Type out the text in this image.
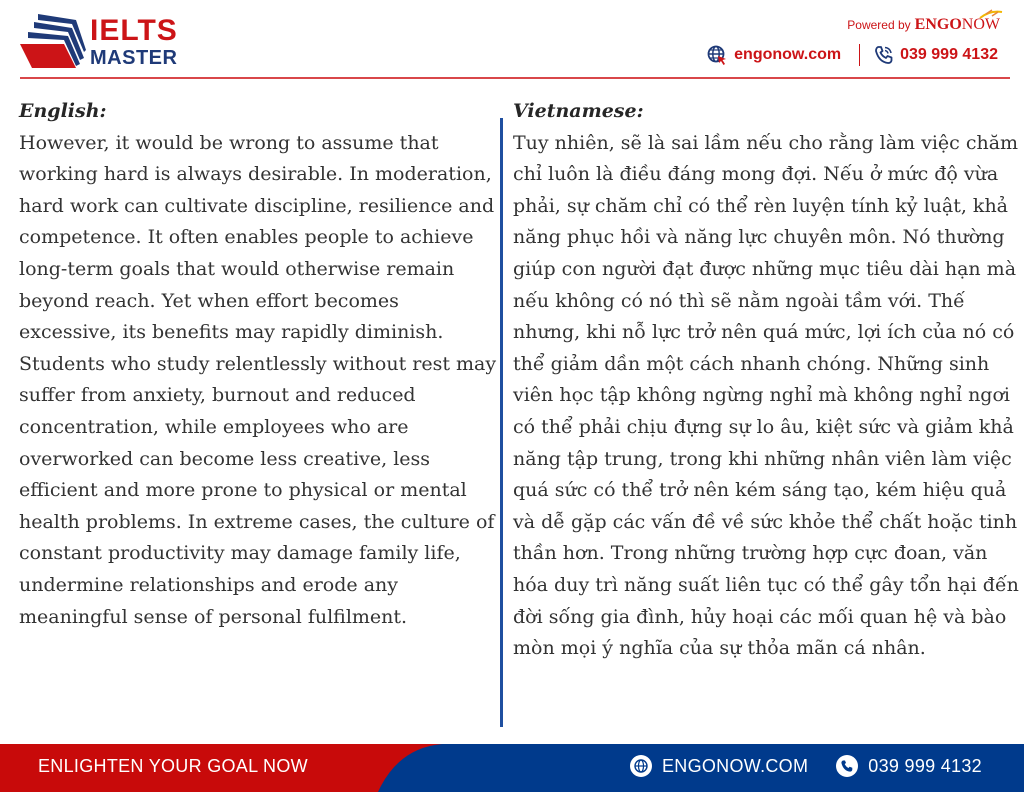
IELTS
MASTER
Powered by ENGONOW
engonow.com	039 999 4132
English:
However, it would be wrong to assume that
working hard is always desirable. In moderation,
hard work can cultivate discipline, resilience and
competence. It often enables people to achieve
long-term goals that would otherwise remain
beyond reach. Yet when effort becomes
excessive, its benefits may rapidly diminish.
Students who study relentlessly without rest may
suffer from anxiety, burnout and reduced
concentration, while employees who are
overworked can become less creative, less
efficient and more prone to physical or mental
health problems. In extreme cases, the culture of
constant productivity may damage family life,
undermine relationships and erode any
meaningful sense of personal fulfilment.
Vietnamese:
Tuy nhiên, sẽ là sai lầm nếu cho rằng làm việc chăm
chỉ luôn là điều đáng mong đợi. Nếu ở mức độ vừa
phải, sự chăm chỉ có thể rèn luyện tính kỷ luật, khả
năng phục hồi và năng lực chuyên môn. Nó thường
giúp con người đạt được những mục tiêu dài hạn mà
nếu không có nó thì sẽ nằm ngoài tầm với. Thế
nhưng, khi nỗ lực trở nên quá mức, lợi ích của nó có
thể giảm dần một cách nhanh chóng. Những sinh
viên học tập không ngừng nghỉ mà không nghỉ ngơi
có thể phải chịu đựng sự lo âu, kiệt sức và giảm khả
năng tập trung, trong khi những nhân viên làm việc
quá sức có thể trở nên kém sáng tạo, kém hiệu quả
và dễ gặp các vấn đề về sức khỏe thể chất hoặc tinh
thần hơn. Trong những trường hợp cực đoan, văn
hóa duy trì năng suất liên tục có thể gây tổn hại đến
đời sống gia đình, hủy hoại các mối quan hệ và bào
mòn mọi ý nghĩa của sự thỏa mãn cá nhân.
ENLIGHTEN YOUR GOAL NOW	ENGONOW.COM	039 999 4132
